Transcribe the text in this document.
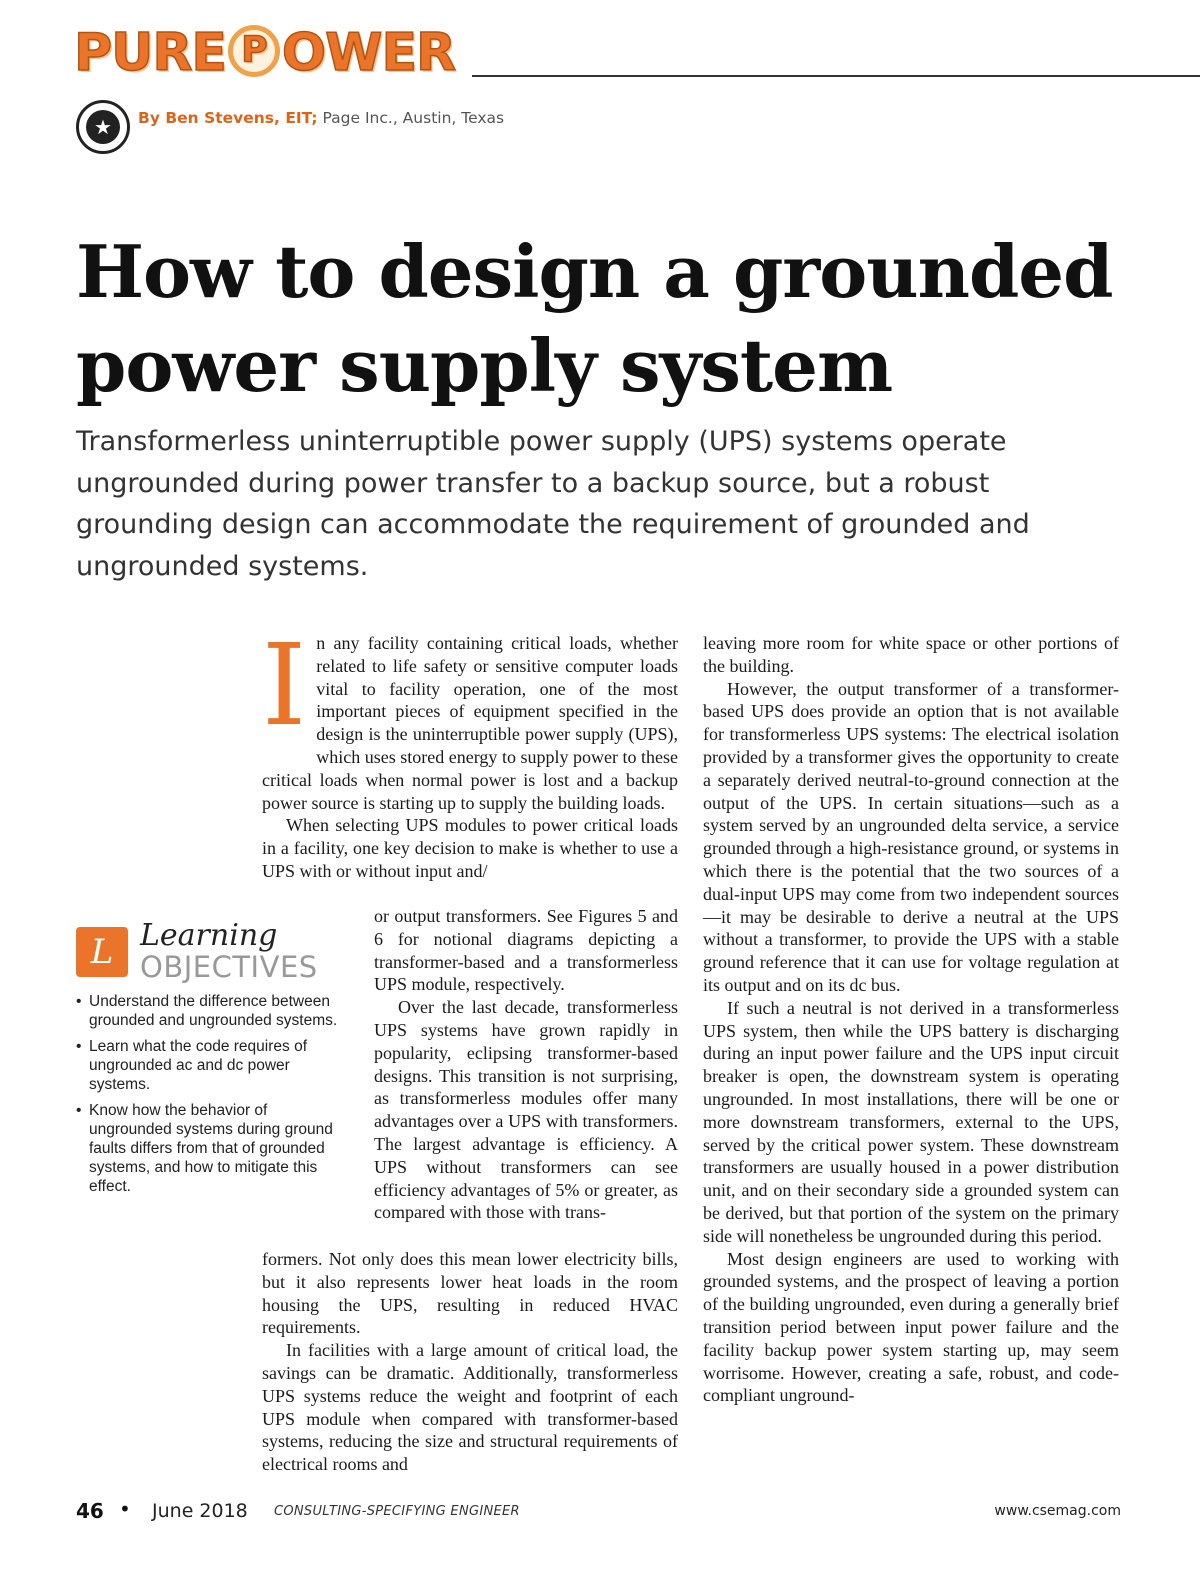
PURE P OWER
★	By Ben Stevens, EIT; Page Inc., Austin, Texas
How to design a grounded power supply system
Transformerless uninterruptible power supply (UPS) systems operate ungrounded during power transfer to a backup source, but a robust grounding design can accommodate the requirement of grounded and ungrounded systems.
L Learning
OBJECTIVES
• Understand the difference between grounded and ungrounded systems.
• Learn what the code requires of ungrounded ac and dc power systems.
• Know how the behavior of ungrounded systems during ground faults differs from that of grounded systems, and how to mitigate this effect.
I n any facility containing critical loads, whether related to life safety or sensitive computer loads vital to facility operation, one of the most important pieces of equipment specified in the design is the uninterruptible power supply (UPS), which uses stored energy to supply power to these critical loads when normal power is lost and a backup power source is starting up to supply the building loads.

When selecting UPS modules to power critical loads in a facility, one key decision to make is whether to use a UPS with or without input and/

or output transformers. See Figures 5 and 6 for notional diagrams depicting a transformer-based and a transformerless UPS module, respectively.

Over the last decade, transformerless UPS systems have grown rapidly in popularity, eclipsing transformer-based designs. This transition is not surprising, as transformerless modules offer many advantages over a UPS with transformers. The largest advantage is efficiency. A UPS without transformers can see efficiency advantages of 5% or greater, as compared with those with trans-

formers. Not only does this mean lower electricity bills, but it also represents lower heat loads in the room housing the UPS, resulting in reduced HVAC requirements.

In facilities with a large amount of critical load, the savings can be dramatic. Additionally, transformerless UPS systems reduce the weight and footprint of each UPS module when compared with transformer-based systems, reducing the size and structural requirements of electrical rooms and

leaving more room for white space or other portions of the building.

However, the output transformer of a transformer-based UPS does provide an option that is not available for transformerless UPS systems: The electrical isolation provided by a transformer gives the opportunity to create a separately derived neutral-to-ground connection at the output of the UPS. In certain situations—such as a system served by an ungrounded delta service, a service grounded through a high-resistance ground, or systems in which there is the potential that the two sources of a dual-input UPS may come from two independent sources—it may be desirable to derive a neutral at the UPS without a transformer, to provide the UPS with a stable ground reference that it can use for voltage regulation at its output and on its dc bus.

If such a neutral is not derived in a transformerless UPS system, then while the UPS battery is discharging during an input power failure and the UPS input circuit breaker is open, the downstream system is operating ungrounded. In most installations, there will be one or more downstream transformers, external to the UPS, served by the critical power system. These downstream transformers are usually housed in a power distribution unit, and on their secondary side a grounded system can be derived, but that portion of the system on the primary side will nonetheless be ungrounded during this period.

Most design engineers are used to working with grounded systems, and the prospect of leaving a portion of the building ungrounded, even during a generally brief transition period between input power failure and the facility backup power system starting up, may seem worrisome. However, creating a safe, robust, and code-compliant unground-

46 • June 2018 CONSULTING-SPECIFYING ENGINEER	www.csemag.com
